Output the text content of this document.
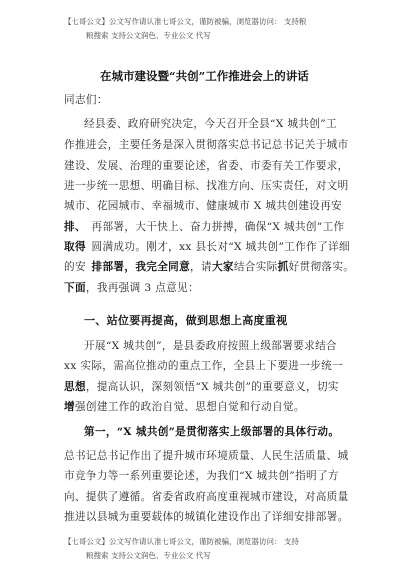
【七哥公文】公文写作请认准七哥公文，谨防被骗，浏览器访问： 支持粮

粮搜索 支持公文润色、专业公文 代写

在城市建设暨“共创”工作推进会上的讲话

同志们：

经县委、政府研究决定，今天召开全县“X 城共创”工

作推进会，主要任务是深入贯彻落实总书记总书记关于城市

建设、发展、治理的重要论述，省委、市委有关工作要求，

进一步统一思想、明确目标、找准方向、压实责任，对文明

城市、花园城市、幸福城市、健康城市 X 城共创建设再安

排、  再部署，大干快上、奋力拼搏，确保“X 城共创”工作

取得  圆满成功。刚才，xx 县长对“X 城共创”工作作了详细

的安  排部署，我完全同意，请大家结合实际抓好贯彻落实。

下面，我再强调 3 点意见：

一、站位要再提高，做到思想上高度重视

开展“X 城共创”，是县委政府按照上级部署要求结合

xx 实际，需高位推动的重点工作，全县上下要进一步统一

思想，提高认识，深刻领悟“X 城共创”的重要意义，切实

增强创建工作的政治自觉、思想自觉和行动自觉。

第一，“X 城共创”是贯彻落实上级部署的具体行动。

总书记总书记作出了提升城市环境质量、人民生活质量、城

市竞争力等一系列重要论述，为我们“X 城共创”指明了方

向、提供了遵循。省委省政府高度重视城市建设，对高质量

推进以县城为重要载体的城镇化建设作出了详细安排部署。

【七哥公文】公文写作请认准七哥公文，谨防被骗，浏览器访问： 支持

粮搜索 支持公文润色、专业公文 代写
